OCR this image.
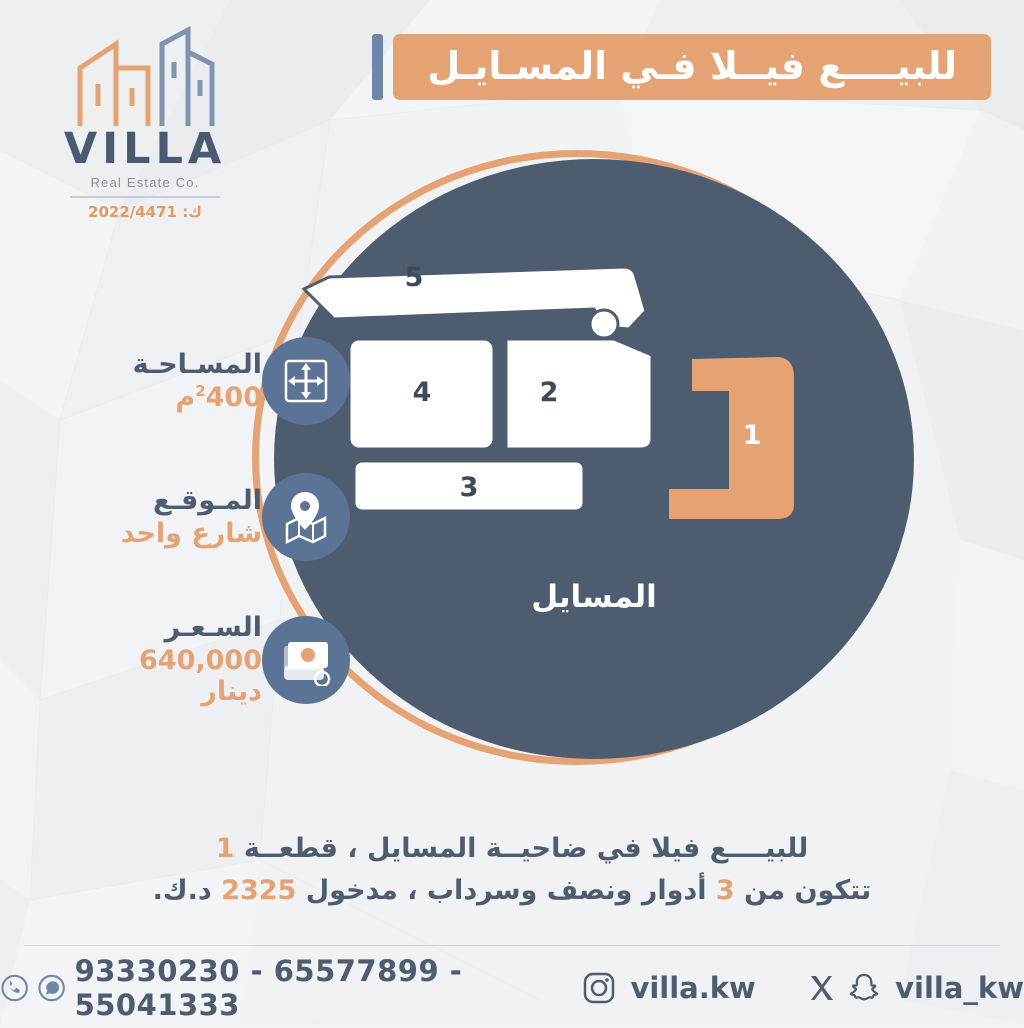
VILLA
Real Estate Co.
ك: 2022/4471
للبيــــع فيــلا فـي المسـايـل
5
4	2
1
3
المسايل
المسـاحـة
$^2$400م
المـوقـع
شارع واحد
السـعـر
640,000 دينار
للبيــــع فيلا في ضاحيــة المسايل ، قطعــة 1
تتكون من 3 أدوار ونصف وسرداب ، مدخول 2325 د.ك.
93330230 - 65577899 - 55041333	villa.kw	villa_kw
